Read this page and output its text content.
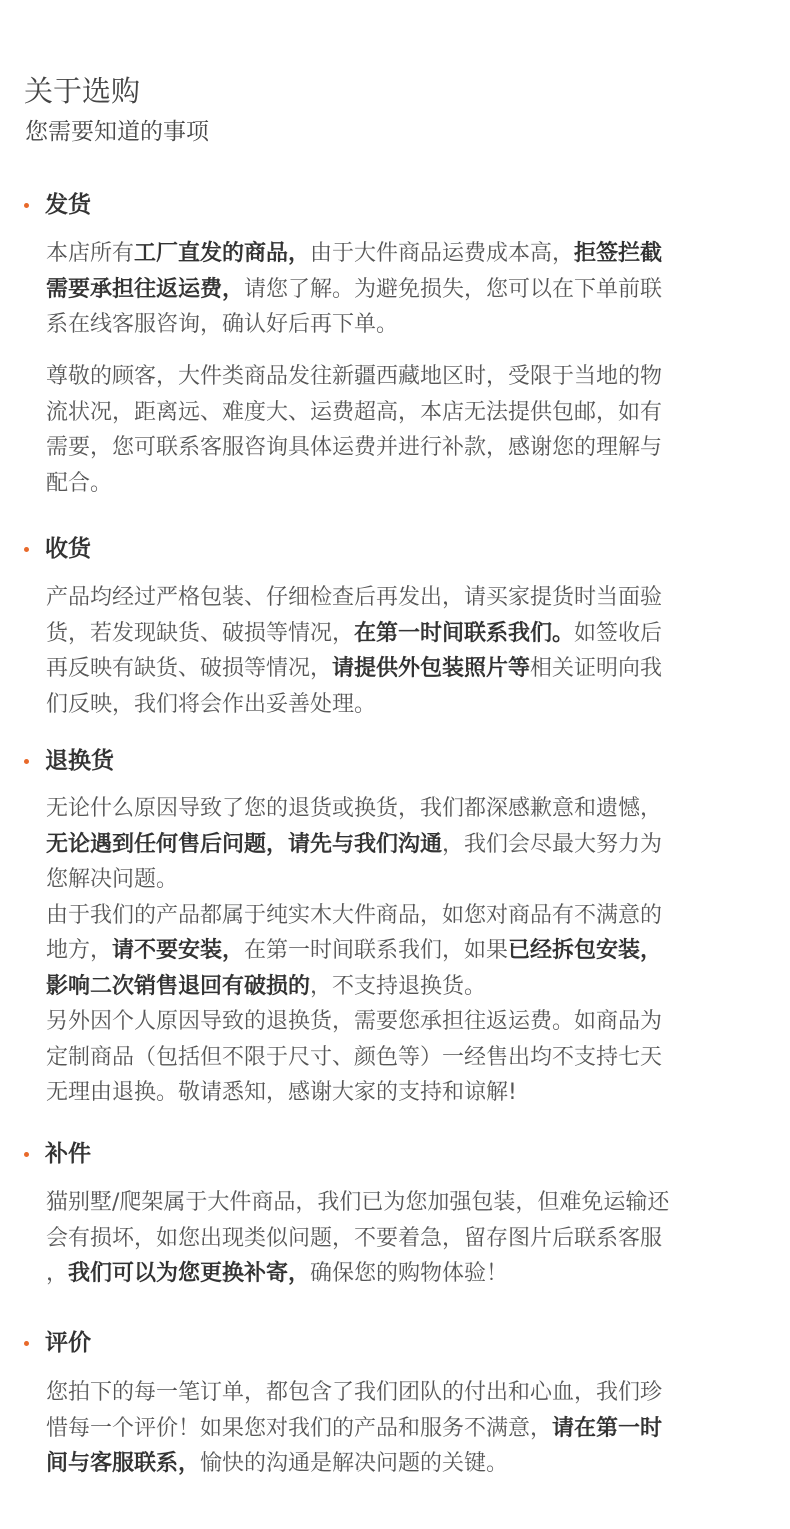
关于选购
您需要知道的事项
发货
本店所有工厂直发的商品，由于大件商品运费成本高，拒签拦截
需要承担往返运费，请您了解。为避免损失，您可以在下单前联
系在线客服咨询，确认好后再下单。
尊敬的顾客，大件类商品发往新疆西藏地区时，受限于当地的物
流状况，距离远、难度大、运费超高，本店无法提供包邮，如有
需要，您可联系客服咨询具体运费并进行补款，感谢您的理解与
配合。
收货
产品均经过严格包装、仔细检查后再发出，请买家提货时当面验
货，若发现缺货、破损等情况，在第一时间联系我们。如签收后
再反映有缺货、破损等情况，请提供外包装照片等相关证明向我
们反映，我们将会作出妥善处理。
退换货
无论什么原因导致了您的退货或换货，我们都深感歉意和遗憾，
无论遇到任何售后问题，请先与我们沟通，我们会尽最大努力为
您解决问题。
由于我们的产品都属于纯实木大件商品，如您对商品有不满意的
地方，请不要安装，在第一时间联系我们，如果已经拆包安装，
影响二次销售退回有破损的，不支持退换货。
另外因个人原因导致的退换货，需要您承担往返运费。如商品为
定制商品（包括但不限于尺寸、颜色等）一经售出均不支持七天
无理由退换。敬请悉知，感谢大家的支持和谅解!
补件
猫别墅/爬架属于大件商品，我们已为您加强包装，但难免运输还
会有损坏，如您出现类似问题，不要着急，留存图片后联系客服
，我们可以为您更换补寄，确保您的购物体验！
评价
您拍下的每一笔订单，都包含了我们团队的付出和心血，我们珍
惜每一个评价！如果您对我们的产品和服务不满意，请在第一时
间与客服联系，愉快的沟通是解决问题的关键。
